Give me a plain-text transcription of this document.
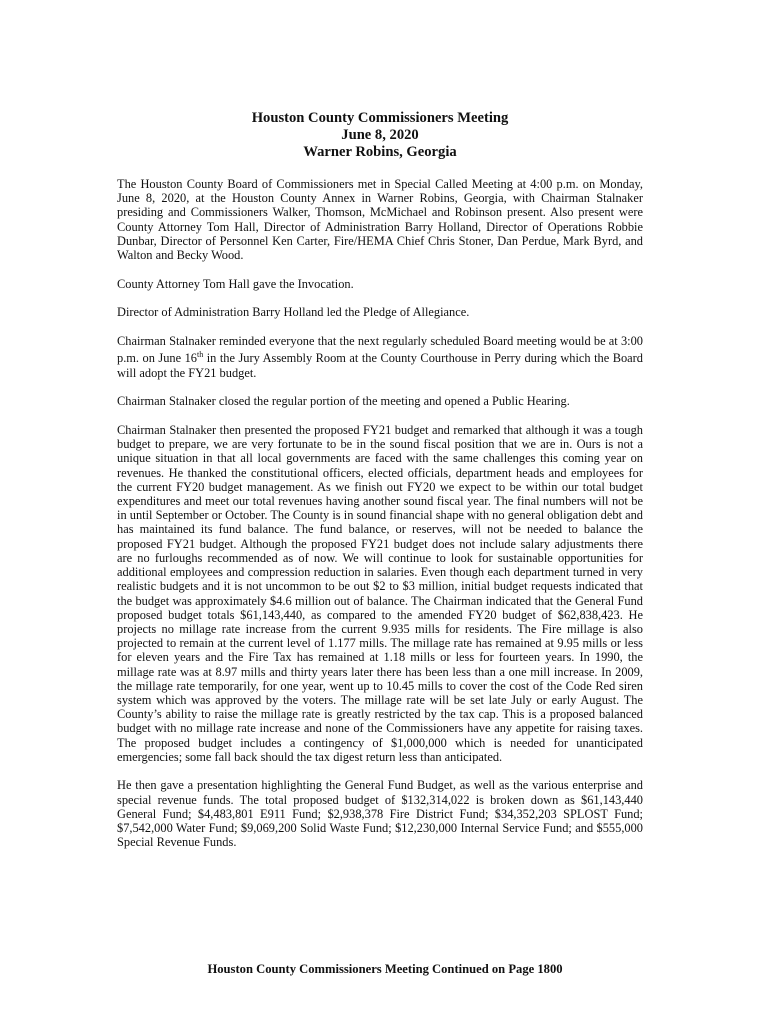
Houston County Commissioners Meeting
June 8, 2020
Warner Robins, Georgia

The Houston County Board of Commissioners met in Special Called Meeting at 4:00 p.m. on Monday, June 8, 2020, at the Houston County Annex in Warner Robins, Georgia, with Chairman Stalnaker presiding and Commissioners Walker, Thomson, McMichael and Robinson present. Also present were County Attorney Tom Hall, Director of Administration Barry Holland, Director of Operations Robbie Dunbar, Director of Personnel Ken Carter, Fire/HEMA Chief Chris Stoner, Dan Perdue, Mark Byrd, and Walton and Becky Wood.

County Attorney Tom Hall gave the Invocation.

Director of Administration Barry Holland led the Pledge of Allegiance.

Chairman Stalnaker reminded everyone that the next regularly scheduled Board meeting would be at 3:00 p.m. on June 16th in the Jury Assembly Room at the County Courthouse in Perry during which the Board will adopt the FY21 budget.

Chairman Stalnaker closed the regular portion of the meeting and opened a Public Hearing.

Chairman Stalnaker then presented the proposed FY21 budget and remarked that although it was a tough budget to prepare, we are very fortunate to be in the sound fiscal position that we are in. Ours is not a unique situation in that all local governments are faced with the same challenges this coming year on revenues. He thanked the constitutional officers, elected officials, department heads and employees for the current FY20 budget management. As we finish out FY20 we expect to be within our total budget expenditures and meet our total revenues having another sound fiscal year. The final numbers will not be in until September or October. The County is in sound financial shape with no general obligation debt and has maintained its fund balance. The fund balance, or reserves, will not be needed to balance the proposed FY21 budget. Although the proposed FY21 budget does not include salary adjustments there are no furloughs recommended as of now. We will continue to look for sustainable opportunities for additional employees and compression reduction in salaries. Even though each department turned in very realistic budgets and it is not uncommon to be out $2 to $3 million, initial budget requests indicated that the budget was approximately $4.6 million out of balance. The Chairman indicated that the General Fund proposed budget totals $61,143,440, as compared to the amended FY20 budget of $62,838,423. He projects no millage rate increase from the current 9.935 mills for residents. The Fire millage is also projected to remain at the current level of 1.177 mills. The millage rate has remained at 9.95 mills or less for eleven years and the Fire Tax has remained at 1.18 mills or less for fourteen years. In 1990, the millage rate was at 8.97 mills and thirty years later there has been less than a one mill increase. In 2009, the millage rate temporarily, for one year, went up to 10.45 mills to cover the cost of the Code Red siren system which was approved by the voters. The millage rate will be set late July or early August. The County’s ability to raise the millage rate is greatly restricted by the tax cap. This is a proposed balanced budget with no millage rate increase and none of the Commissioners have any appetite for raising taxes. The proposed budget includes a contingency of $1,000,000 which is needed for unanticipated emergencies; some fall back should the tax digest return less than anticipated.

He then gave a presentation highlighting the General Fund Budget, as well as the various enterprise and special revenue funds. The total proposed budget of $132,314,022 is broken down as $61,143,440 General Fund; $4,483,801 E911 Fund; $2,938,378 Fire District Fund; $34,352,203 SPLOST Fund; $7,542,000 Water Fund; $9,069,200 Solid Waste Fund; $12,230,000 Internal Service Fund; and $555,000 Special Revenue Funds.

Houston County Commissioners Meeting Continued on Page 1800
